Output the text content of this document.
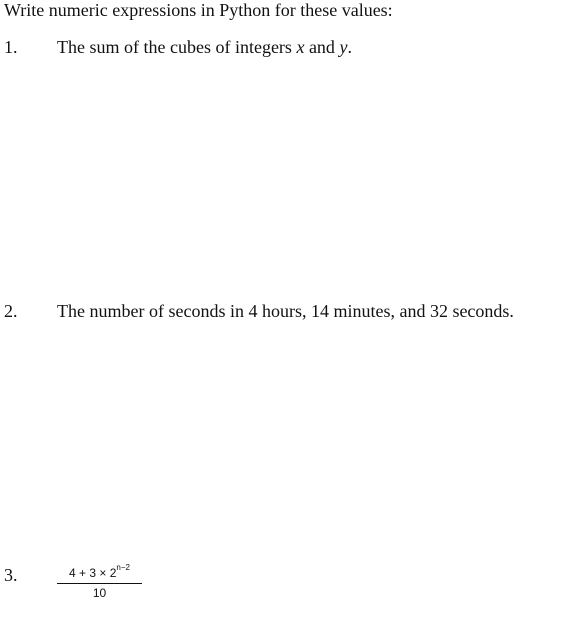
Write numeric expressions in Python for these values:
1. The sum of the cubes of integers x and y.
2. The number of seconds in 4 hours, 14 minutes, and 32 seconds.
3.	$\frac{4 + 3 \times 2^{n-2}}{10}$
